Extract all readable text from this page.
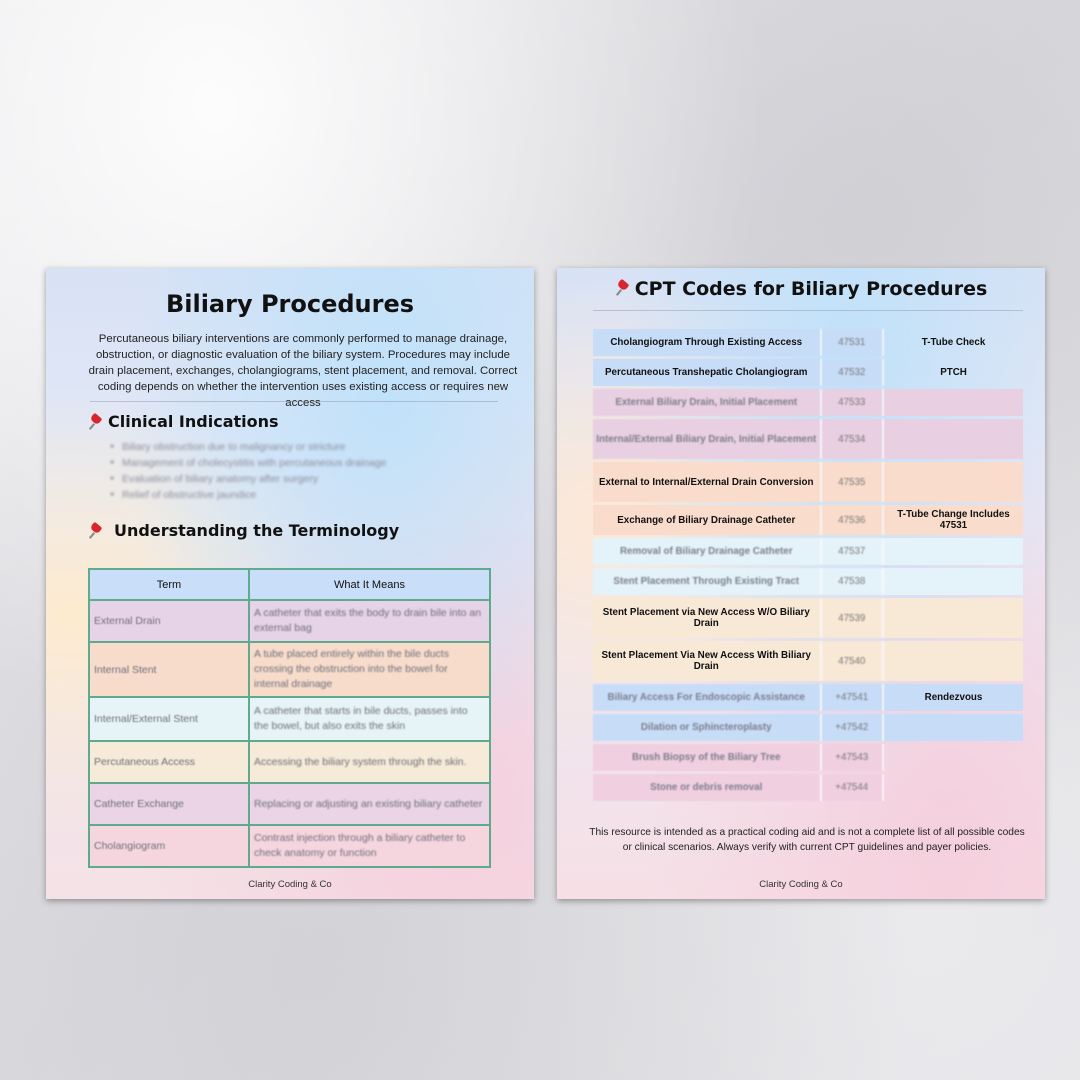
Biliary Procedures
Percutaneous biliary interventions are commonly performed to manage drainage, obstruction, or diagnostic evaluation of the biliary system. Procedures may include drain placement, exchanges, cholangiograms, stent placement, and removal. Correct coding depends on whether the intervention uses existing access or requires new access
Clinical Indications
● Biliary obstruction due to malignancy or stricture
● Management of cholecystitis with percutaneous drainage
● Evaluation of biliary anatomy after surgery
● Relief of obstructive jaundice
Understanding the Terminology
Term	What It Means
External Drain	A catheter that exits the body to drain bile into an external bag
Internal Stent	A tube placed entirely within the bile ducts crossing the obstruction into the bowel for internal drainage
Internal/External Stent	A catheter that starts in bile ducts, passes into the bowel, but also exits the skin
Percutaneous Access	Accessing the biliary system through the skin.
Catheter Exchange	Replacing or adjusting an existing biliary catheter
Cholangiogram	Contrast injection through a biliary catheter to check anatomy or function
Clarity Coding & Co
CPT Codes for Biliary Procedures
Cholangiogram Through Existing Access	47531	T-Tube Check
Percutaneous Transhepatic Cholangiogram	47532	PTCH
External Biliary Drain, Initial Placement	47533	
Internal/External Biliary Drain, Initial Placement	47534	
External to Internal/External Drain Conversion	47535	
Exchange of Biliary Drainage Catheter	47536	T-Tube Change Includes 47531
Removal of Biliary Drainage Catheter	47537	
Stent Placement Through Existing Tract	47538	
Stent Placement via New Access W/O Biliary Drain	47539	
Stent Placement Via New Access With Biliary Drain	47540	
Biliary Access For Endoscopic Assistance	+47541	Rendezvous
Dilation or Sphincteroplasty	+47542	
Brush Biopsy of the Biliary Tree	+47543	
Stone or debris removal	+47544	
This resource is intended as a practical coding aid and is not a complete list of all possible codes or clinical scenarios. Always verify with current CPT guidelines and payer policies.
Clarity Coding & Co
